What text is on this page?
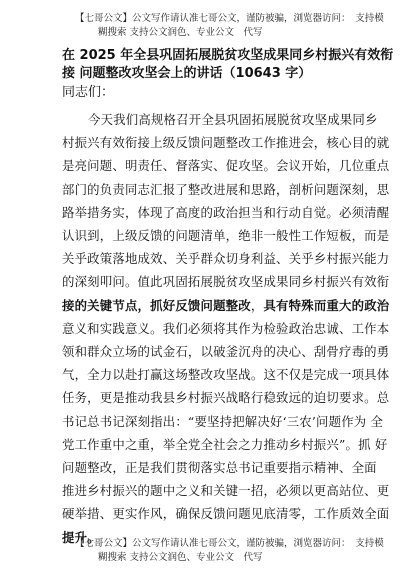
【七哥公文】公文写作请认准七哥公文，谨防被骗，浏览器访问：　支持模
糊搜索 支持公文润色、专业公文　代写
在 2025 年全县巩固拓展脱贫攻坚成果同乡村振兴有效衔
接 问题整改攻坚会上的讲话（10643 字）
同志们：
今天我们高规格召开全县巩固拓展脱贫攻坚成果同乡
村振兴有效衔接上级反馈问题整改工作推进会，核心目的就
是亮问题、明责任、督落实、促攻坚。会议开始，几位重点
部门的负责同志汇报了整改进展和思路，剖析问题深刻，思
路举措务实，体现了高度的政治担当和行动自觉。必须清醒
认识到，上级反馈的问题清单，绝非一般性工作短板，而是
关乎政策落地成效、关乎群众切身利益、关乎乡村振兴能力
的深刻叩问。值此巩固拓展脱贫攻坚成果同乡村振兴有效衔
接的关键节点，抓好反馈问题整改，具有特殊而重大的政治
意义和实践意义。我们必须将其作为检验政治忠诚、工作本
领和群众立场的试金石，以破釜沉舟的决心、刮骨疗毒的勇
气，全力以赴打赢这场整改攻坚战。这不仅是完成一项具体
任务，更是推动我县乡村振兴战略行稳致远的迫切要求。总
书记总书记深刻指出：“要坚持把解决好‘三农’问题作为 全
党工作重中之重，举全党全社会之力推动乡村振兴”。抓 好
问题整改，正是我们贯彻落实总书记重要指示精神、全面
推进乡村振兴的题中之义和关键一招，必须以更高站位、更
硬举措、更实作风，确保反馈问题见底清零，工作质效全面
提升。
【七哥公文】公文写作请认准七哥公文，谨防被骗，浏览器访问：　支持模
糊搜索 支持公文润色、专业公文　代写
